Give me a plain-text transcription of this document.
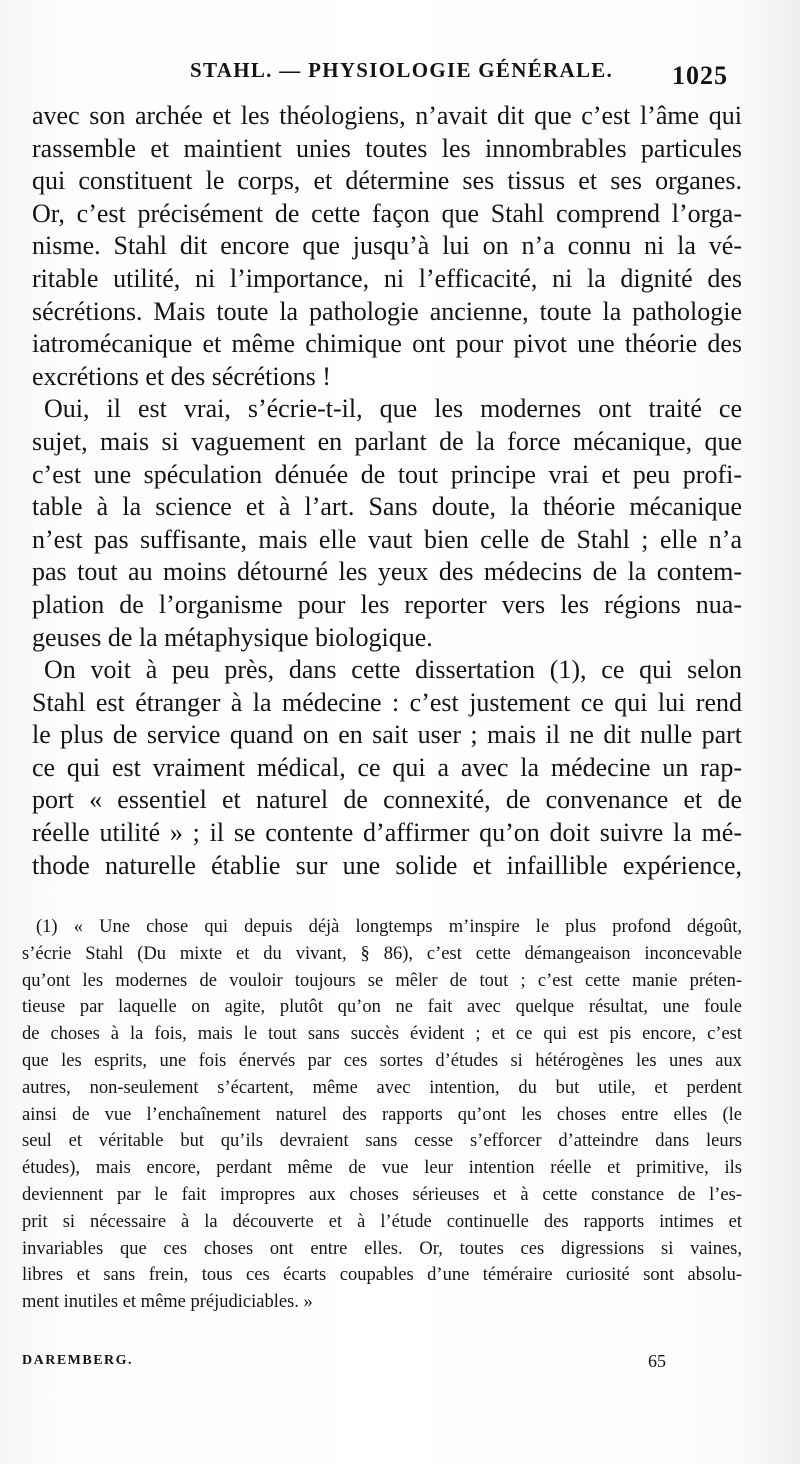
STAHL. — PHYSIOLOGIE GÉNÉRALE. 1025
avec son archée et les théologiens, n’avait dit que c’est l’âme qui
rassemble et maintient unies toutes les innombrables particules
qui constituent le corps, et détermine ses tissus et ses organes.
Or, c’est précisément de cette façon que Stahl comprend l’orga-
nisme. Stahl dit encore que jusqu’à lui on n’a connu ni la vé-
ritable utilité, ni l’importance, ni l’efficacité, ni la dignité des
sécrétions. Mais toute la pathologie ancienne, toute la pathologie
iatromécanique et même chimique ont pour pivot une théorie des
excrétions et des sécrétions !
Oui, il est vrai, s’écrie-t-il, que les modernes ont traité ce
sujet, mais si vaguement en parlant de la force mécanique, que
c’est une spéculation dénuée de tout principe vrai et peu profi-
table à la science et à l’art. Sans doute, la théorie mécanique
n’est pas suffisante, mais elle vaut bien celle de Stahl ; elle n’a
pas tout au moins détourné les yeux des médecins de la contem-
plation de l’organisme pour les reporter vers les régions nua-
geuses de la métaphysique biologique.
On voit à peu près, dans cette dissertation (1), ce qui selon
Stahl est étranger à la médecine : c’est justement ce qui lui rend
le plus de service quand on en sait user ; mais il ne dit nulle part
ce qui est vraiment médical, ce qui a avec la médecine un rap-
port « essentiel et naturel de connexité, de convenance et de
réelle utilité » ; il se contente d’affirmer qu’on doit suivre la mé-
thode naturelle établie sur une solide et infaillible expérience,
(1) « Une chose qui depuis déjà longtemps m’inspire le plus profond dégoût,
s’écrie Stahl (Du mixte et du vivant, § 86), c’est cette démangeaison inconcevable
qu’ont les modernes de vouloir toujours se mêler de tout ; c’est cette manie préten-
tieuse par laquelle on agite, plutôt qu’on ne fait avec quelque résultat, une foule
de choses à la fois, mais le tout sans succès évident ; et ce qui est pis encore, c’est
que les esprits, une fois énervés par ces sortes d’études si hétérogènes les unes aux
autres, non-seulement s’écartent, même avec intention, du but utile, et perdent
ainsi de vue l’enchaînement naturel des rapports qu’ont les choses entre elles (le
seul et véritable but qu’ils devraient sans cesse s’efforcer d’atteindre dans leurs
études), mais encore, perdant même de vue leur intention réelle et primitive, ils
deviennent par le fait impropres aux choses sérieuses et à cette constance de l’es-
prit si nécessaire à la découverte et à l’étude continuelle des rapports intimes et
invariables que ces choses ont entre elles. Or, toutes ces digressions si vaines,
libres et sans frein, tous ces écarts coupables d’une téméraire curiosité sont absolu-
ment inutiles et même préjudiciables. »
DAREMBERG.	65
